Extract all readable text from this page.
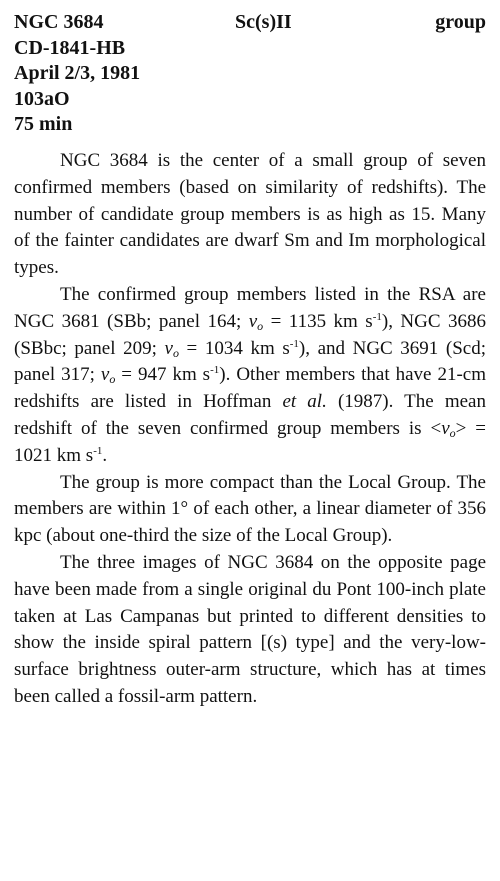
NGC 3684	Sc(s)II	group
CD-1841-HB
April 2/3, 1981
103aO
75 min

NGC 3684 is the center of a small group of seven confirmed members (based on similarity of redshifts). The number of candidate group members is as high as 15. Many of the fainter candidates are dwarf Sm and Im morphological types.

The confirmed group members listed in the RSA are NGC 3681 (SBb; panel 164; $v_o = 1135$ km $s^{-1}$), NGC 3686 (SBbc; panel 209; $v_o = 1034$ km $s^{-1}$), and NGC 3691 (Scd; panel 317; $v_o = 947$ km $s^{-1}$). Other members that have 21-cm redshifts are listed in Hoffman et al. (1987). The mean redshift of the seven confirmed group members is $<v_o> = 1021$ km $s^{-1}$.

The group is more compact than the Local Group. The members are within 1° of each other, a linear diameter of 356 kpc (about one-third the size of the Local Group).

The three images of NGC 3684 on the opposite page have been made from a single original du Pont 100-inch plate taken at Las Campanas but printed to different densities to show the inside spiral pattern [(s) type] and the very-low-surface brightness outer-arm structure, which has at times been called a fossil-arm pattern.
